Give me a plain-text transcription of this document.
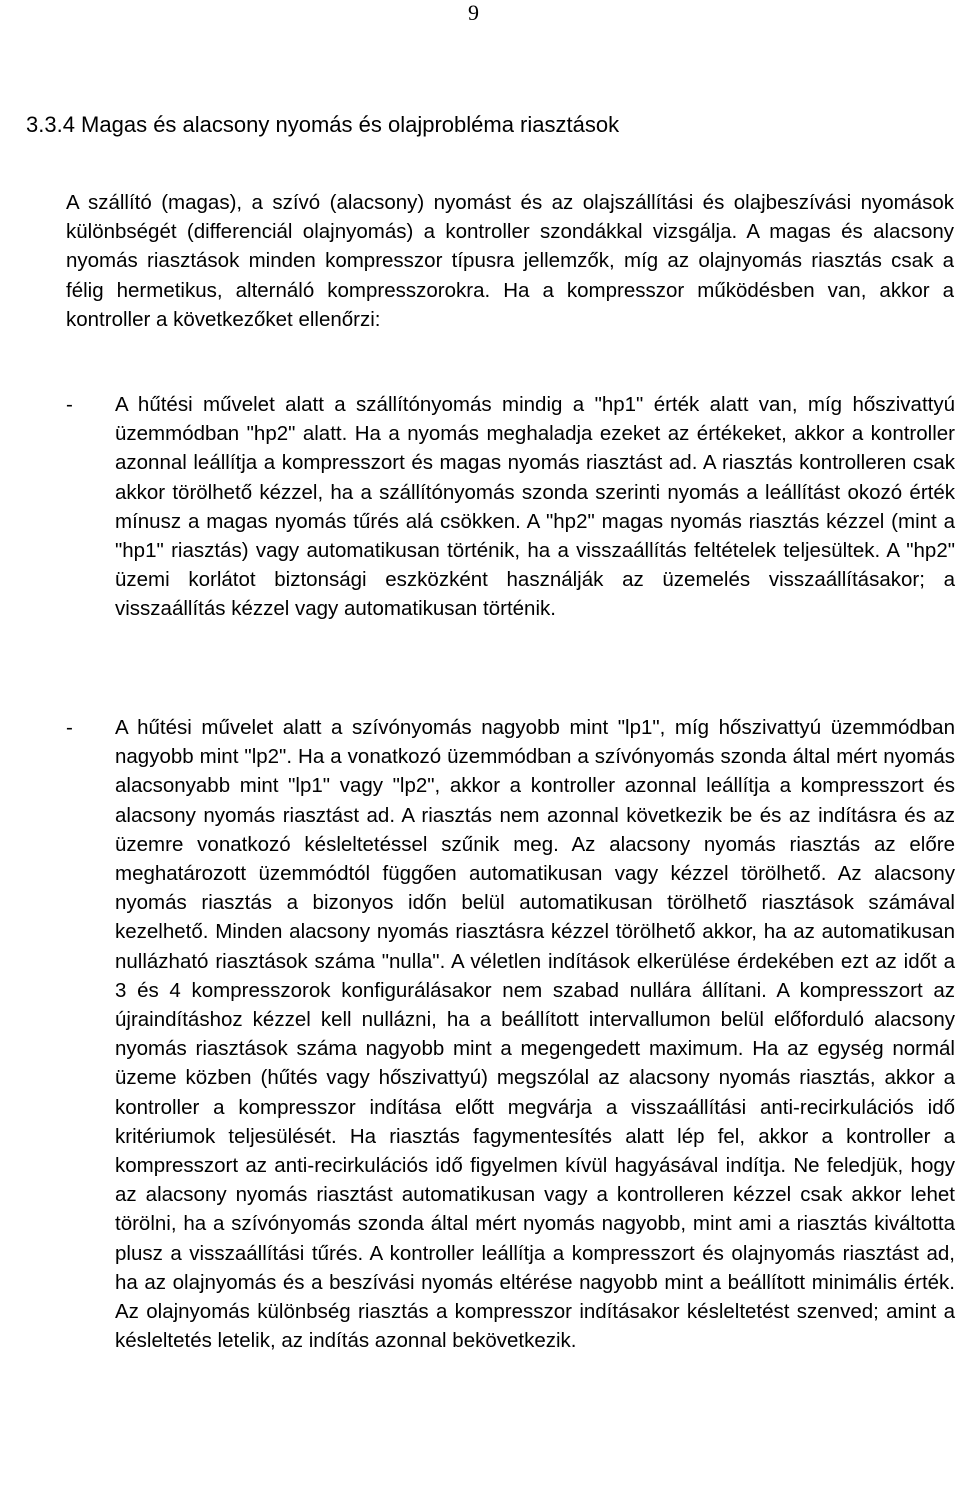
9
3.3.4 Magas és alacsony nyomás és olajprobléma riasztások

A szállító (magas), a szívó (alacsony) nyomást és az olajszállítási és olajbeszívási nyomások különbségét (differenciál olajnyomás) a kontroller szondákkal vizsgálja. A magas és alacsony nyomás riasztások minden kompresszor típusra jellemzők, míg az olajnyomás riasztás csak a félig hermetikus, alternáló kompresszorokra. Ha a kompresszor működésben van, akkor a kontroller a következőket ellenőrzi:

- A hűtési művelet alatt a szállítónyomás mindig a "hp1" érték alatt van, míg hőszivattyú üzemmódban "hp2" alatt. Ha a nyomás meghaladja ezeket az értékeket, akkor a kontroller azonnal leállítja a kompresszort és magas nyomás riasztást ad. A riasztás kontrolleren csak akkor törölhető kézzel, ha a szállítónyomás szonda szerinti nyomás a leállítást okozó érték mínusz a magas nyomás tűrés alá csökken. A "hp2" magas nyomás riasztás kézzel (mint a "hp1" riasztás) vagy automatikusan történik, ha a visszaállítás feltételek teljesültek. A "hp2" üzemi korlátot biztonsági eszközként használják az üzemelés visszaállításakor; a visszaállítás kézzel vagy automatikusan történik.

- A hűtési művelet alatt a szívónyomás nagyobb mint "lp1", míg hőszivattyú üzemmódban nagyobb mint "lp2". Ha a vonatkozó üzemmódban a szívónyomás szonda által mért nyomás alacsonyabb mint "lp1" vagy "lp2", akkor a kontroller azonnal leállítja a kompresszort és alacsony nyomás riasztást ad. A riasztás nem azonnal következik be és az indításra és az üzemre vonatkozó késleltetéssel szűnik meg. Az alacsony nyomás riasztás az előre meghatározott üzemmódtól függően automatikusan vagy kézzel törölhető. Az alacsony nyomás riasztás a bizonyos időn belül automatikusan törölhető riasztások számával kezelhető. Minden alacsony nyomás riasztásra kézzel törölhető akkor, ha az automatikusan nullázható riasztások száma "nulla". A véletlen indítások elkerülése érdekében ezt az időt a 3 és 4 kompresszorok konfigurálásakor nem szabad nullára állítani. A kompresszort az újraindításhoz kézzel kell nullázni, ha a beállított intervallumon belül előforduló alacsony nyomás riasztások száma nagyobb mint a megengedett maximum. Ha az egység normál üzeme közben (hűtés vagy hőszivattyú) megszólal az alacsony nyomás riasztás, akkor a kontroller a kompresszor indítása előtt megvárja a visszaállítási anti-recirkulációs idő kritériumok teljesülését. Ha riasztás fagymentesítés alatt lép fel, akkor a kontroller a kompresszort az anti-recirkulációs idő figyelmen kívül hagyásával indítja. Ne feledjük, hogy az alacsony nyomás riasztást automatikusan vagy a kontrolleren kézzel csak akkor lehet törölni, ha a szívónyomás szonda által mért nyomás nagyobb, mint ami a riasztás kiváltotta plusz a visszaállítási tűrés. A kontroller leállítja a kompresszort és olajnyomás riasztást ad, ha az olajnyomás és a beszívási nyomás eltérése nagyobb mint a beállított minimális érték. Az olajnyomás különbség riasztás a kompresszor indításakor késleltetést szenved; amint a késleltetés letelik, az indítás azonnal bekövetkezik.
